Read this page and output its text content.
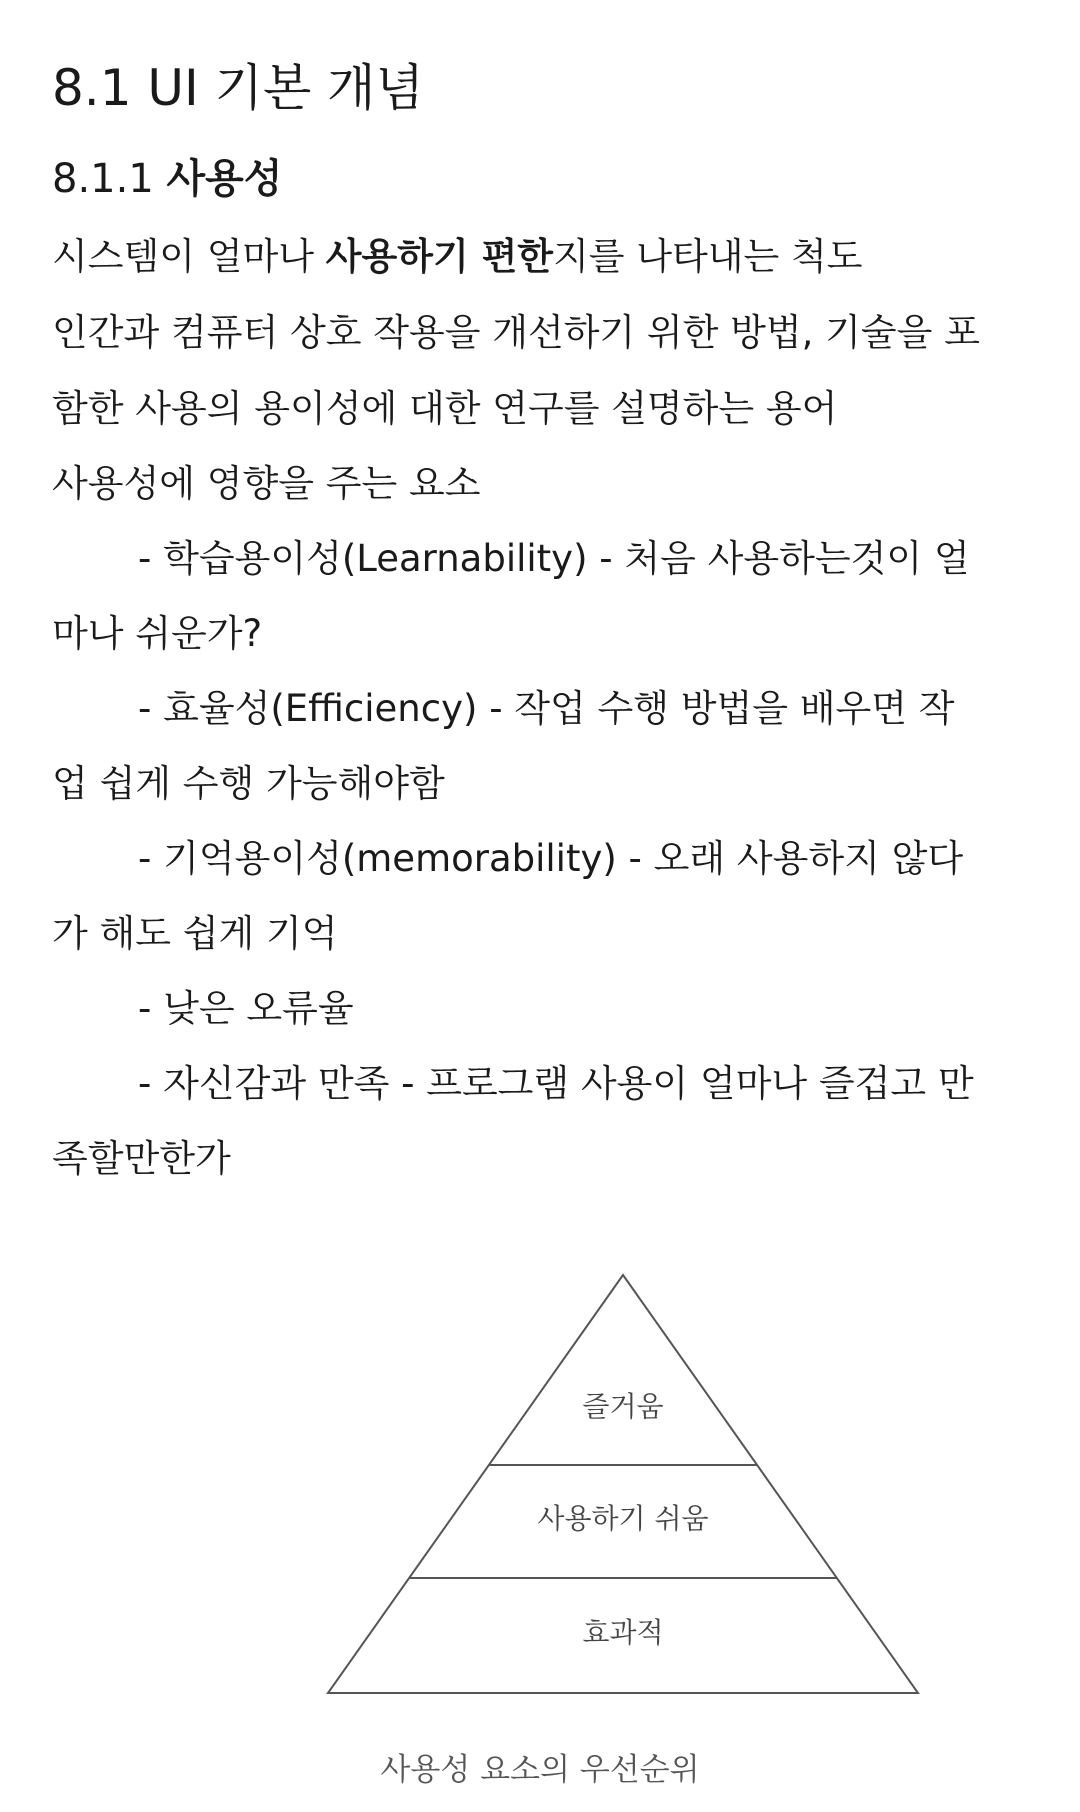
8.1 UI 기본 개념
8.1.1 사용성

시스템이 얼마나 사용하기 편한지를 나타내는 척도

인간과 컴퓨터 상호 작용을 개선하기 위한 방법, 기술을 포

함한 사용의 용이성에 대한 연구를 설명하는 용어

사용성에 영향을 주는 요소

- 학습용이성(Learnability) - 처음 사용하는것이 얼

마나 쉬운가?

- 효율성(Efficiency) - 작업 수행 방법을 배우면 작

업 쉽게 수행 가능해야함

- 기억용이성(memorability) - 오래 사용하지 않다

가 해도 쉽게 기억

- 낮은 오류율

- 자신감과 만족 - 프로그램 사용이 얼마나 즐겁고 만

족할만한가

즐거움
사용하기 쉬움
효과적
사용성 요소의 우선순위
